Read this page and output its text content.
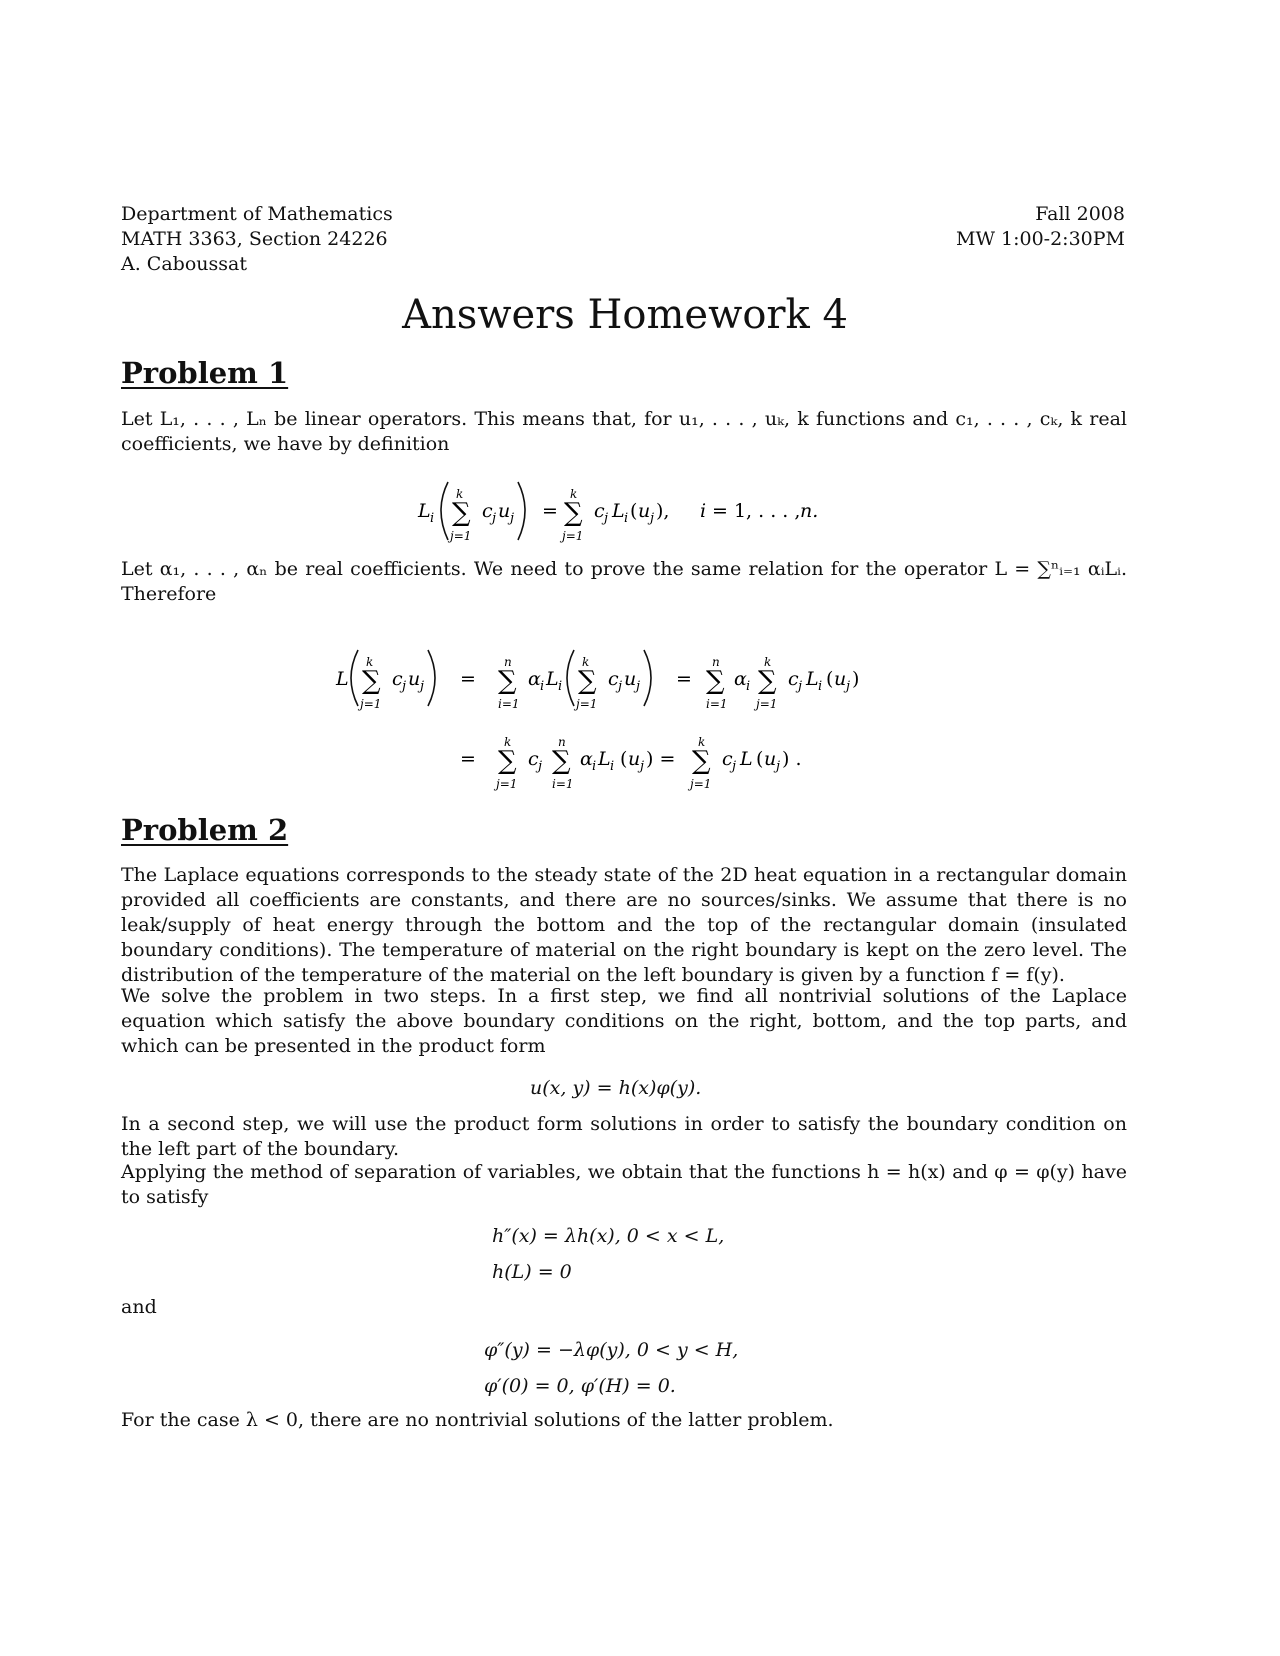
Department of Mathematics
MATH 3363, Section 24226
A. Caboussat
Fall 2008
MW 1:00-2:30PM
Answers Homework 4
Problem 1
Let L₁, . . . , Lₙ be linear operators. This means that, for u₁, . . . , uₖ, k functions and c₁, . . . , cₖ, k real coefficients, we have by definition
L i
k
∑
j=1
c j u j =
k
∑
j=1
c j L i ( u j ), i = 1, . . . , n.
Let α₁, . . . , αₙ be real coefficients. We need to prove the same relation for the operator L = ∑ⁿᵢ₌₁ αᵢLᵢ. Therefore
L
k
∑
j=1
c j u j =
n
∑
i=1
α i L i
k
∑
j=1
c j u j =
n
∑
i=1
α i
k
∑
j=1
c j L i ( u j )
=
k
∑
j=1
c j
n
∑
i=1
α i L i ( u j ) =
k
∑
j=1
c j L ( u j ) .
Problem 2
The Laplace equations corresponds to the steady state of the 2D heat equation in a rectangular domain provided all coefficients are constants, and there are no sources/sinks. We assume that there is no leak/supply of heat energy through the bottom and the top of the rectangular domain (insulated boundary conditions). The temperature of material on the right boundary is kept on the zero level. The distribution of the temperature of the material on the left boundary is given by a function f = f(y).
We solve the problem in two steps. In a first step, we find all nontrivial solutions of the Laplace equation which satisfy the above boundary conditions on the right, bottom, and the top parts, and which can be presented in the product form
u(x, y) = h(x)φ(y).
In a second step, we will use the product form solutions in order to satisfy the boundary condition on the left part of the boundary.
Applying the method of separation of variables, we obtain that the functions h = h(x) and φ = φ(y) have to satisfy
h″(x) = λh(x), 0 < x < L,
h(L) = 0
and
φ″(y) = −λφ(y), 0 < y < H,
φ′(0) = 0, φ′(H) = 0.
For the case λ < 0, there are no nontrivial solutions of the latter problem.
